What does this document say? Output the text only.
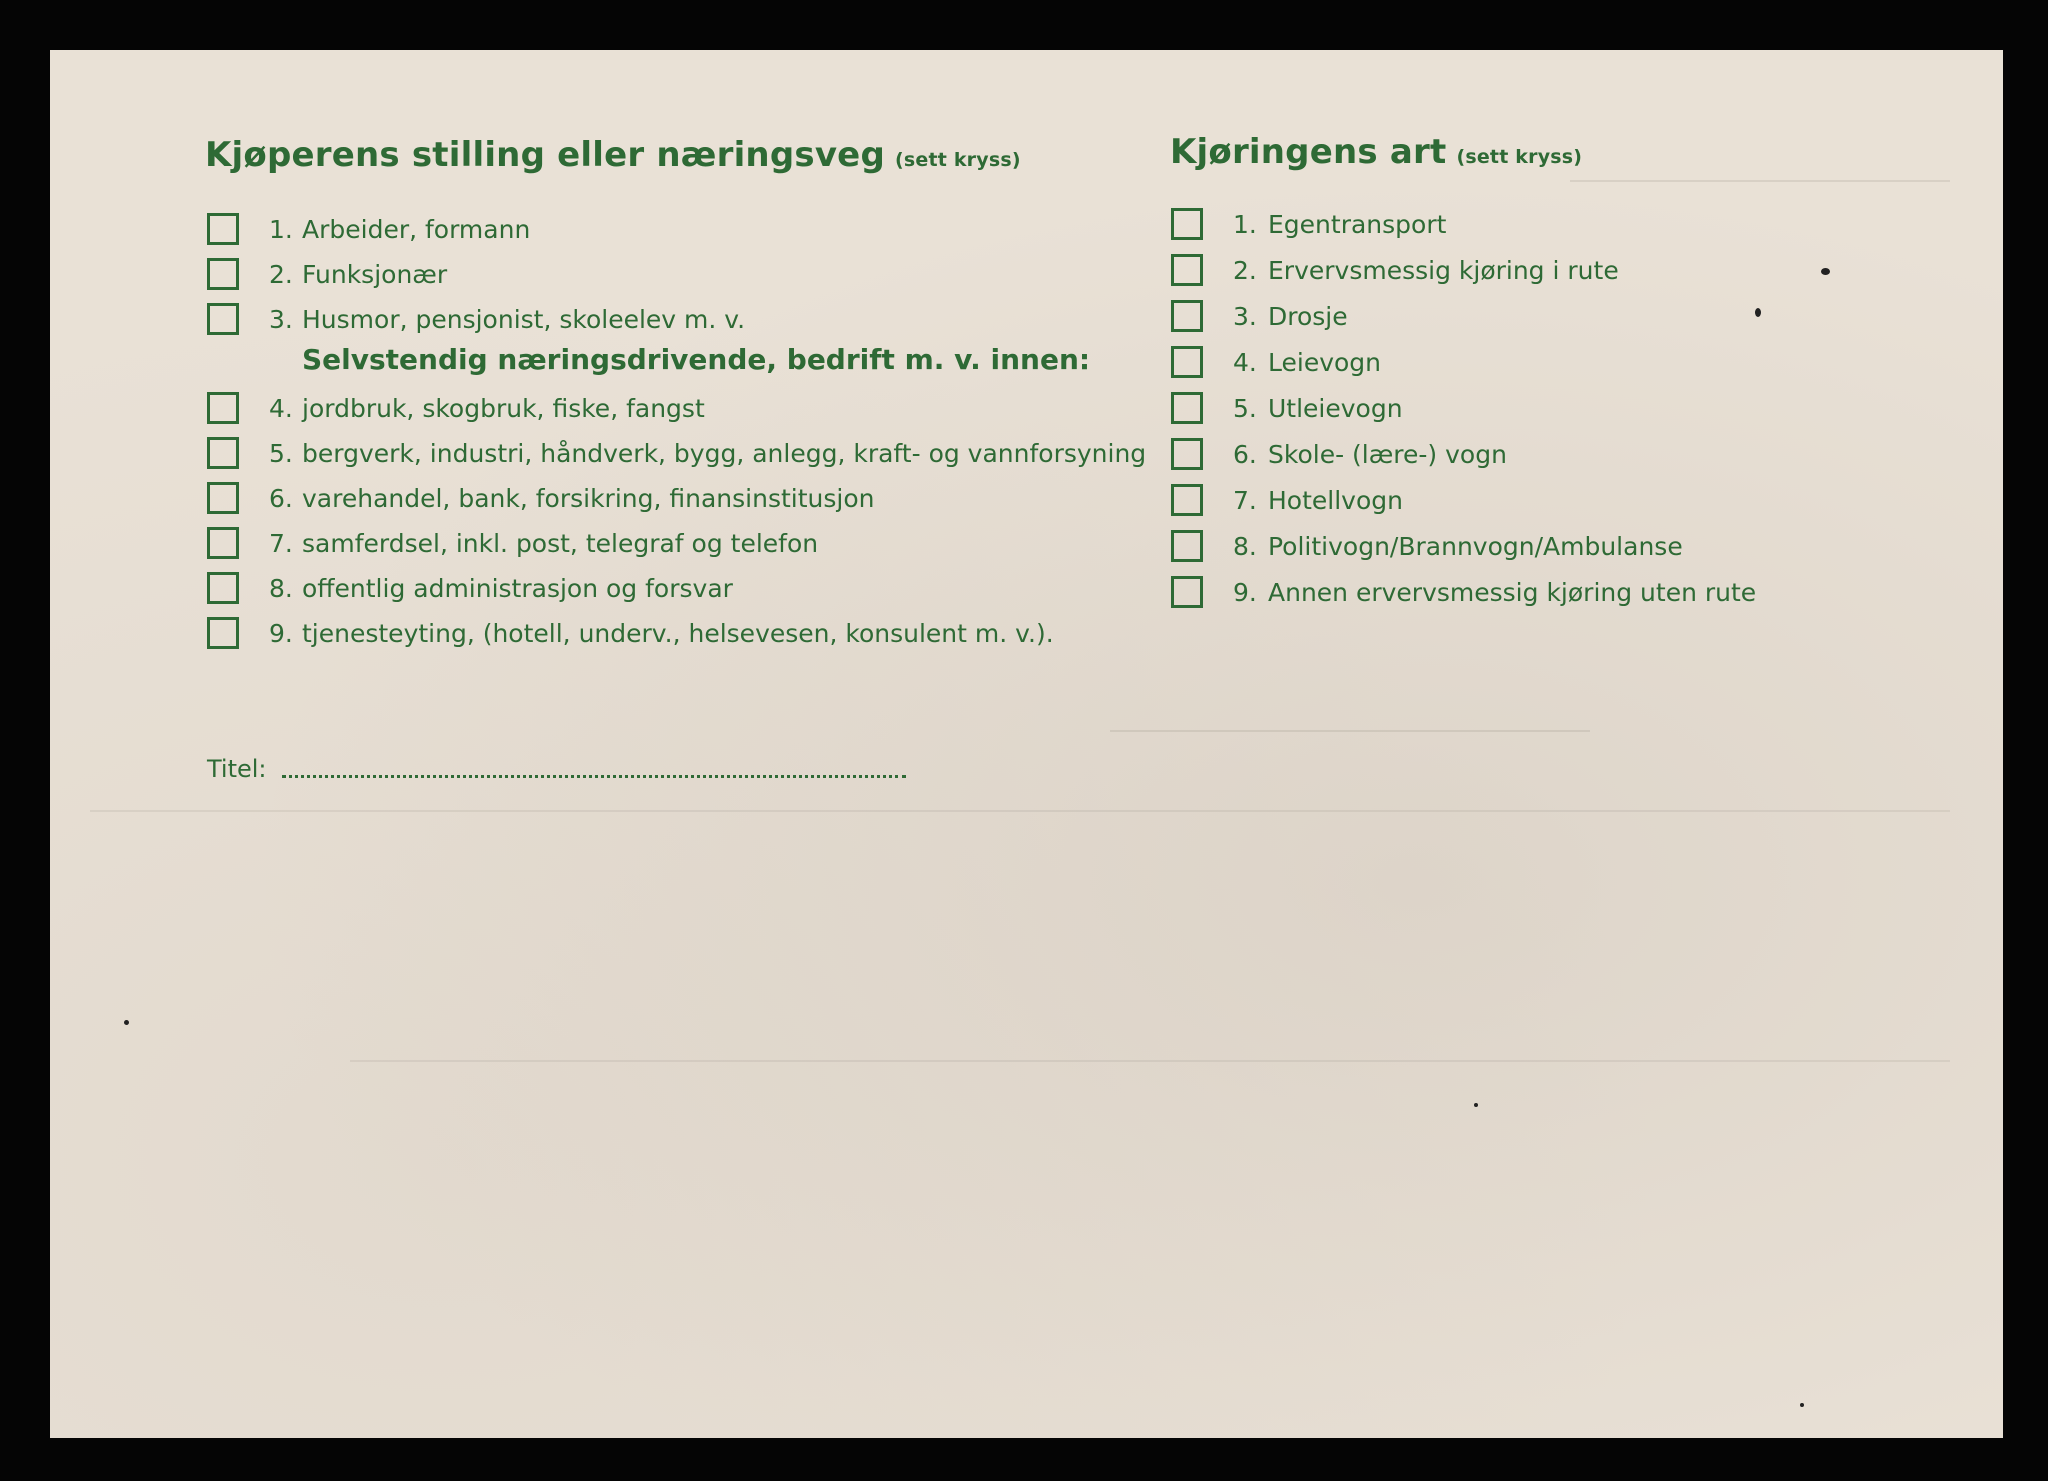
Kjøperens stilling eller næringsveg (sett kryss)
1. Arbeider, formann
2. Funksjonær
3. Husmor, pensjonist, skoleelev m. v.
Selvstendig næringsdrivende, bedrift m. v. innen:
4. jordbruk, skogbruk, fiske, fangst
5. bergverk, industri, håndverk, bygg, anlegg, kraft- og vannforsyning
6. varehandel, bank, forsikring, finansinstitusjon
7. samferdsel, inkl. post, telegraf og telefon
8. offentlig administrasjon og forsvar
9. tjenesteyting, (hotell, underv., helsevesen, konsulent m. v.).
Titel:
Kjøringens art (sett kryss)
1. Egentransport
2. Ervervsmessig kjøring i rute
3. Drosje
4. Leievogn
5. Utleievogn
6. Skole- (lære-) vogn
7. Hotellvogn
8. Politivogn/Brannvogn/Ambulanse
9. Annen ervervsmessig kjøring uten rute
